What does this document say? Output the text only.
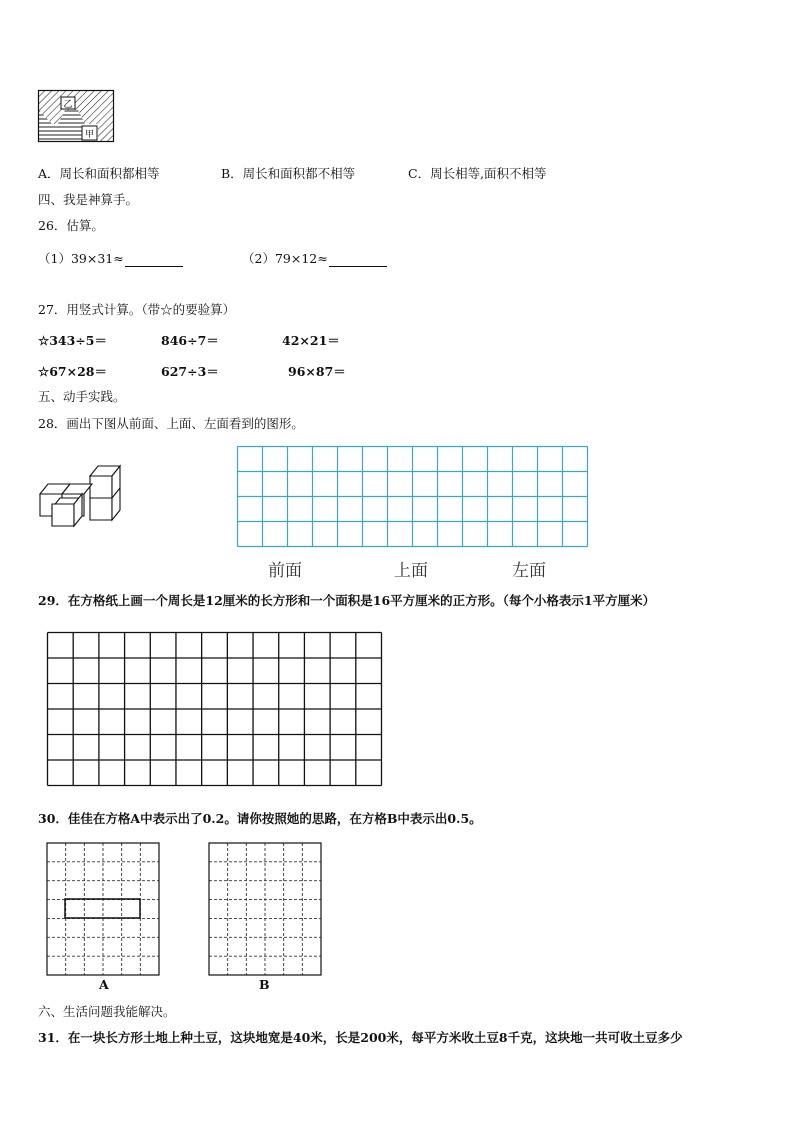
乙
甲
A．周长和面积都相等	B．周长和面积都不相等	C．周长相等,面积不相等
四、我是神算手。
26．估算。
（1）39×31≈	（2）79×12≈
27．用竖式计算。（带☆的要验算）
☆343÷5＝	846÷7＝	42×21＝
☆67×28＝	627÷3＝	96×87＝
五、动手实践。
28．画出下图从前面、上面、左面看到的图形。
前面	上面	左面
29．在方格纸上画一个周长是12厘米的长方形和一个面积是16平方厘米的正方形。（每个小格表示1平方厘米）
30．佳佳在方格A中表示出了0.2。请你按照她的思路，在方格B中表示出0.5。
A	B
六、生活问题我能解决。
31．在一块长方形土地上种土豆，这块地宽是40米，长是200米，每平方米收土豆8千克，这块地一共可收土豆多少
